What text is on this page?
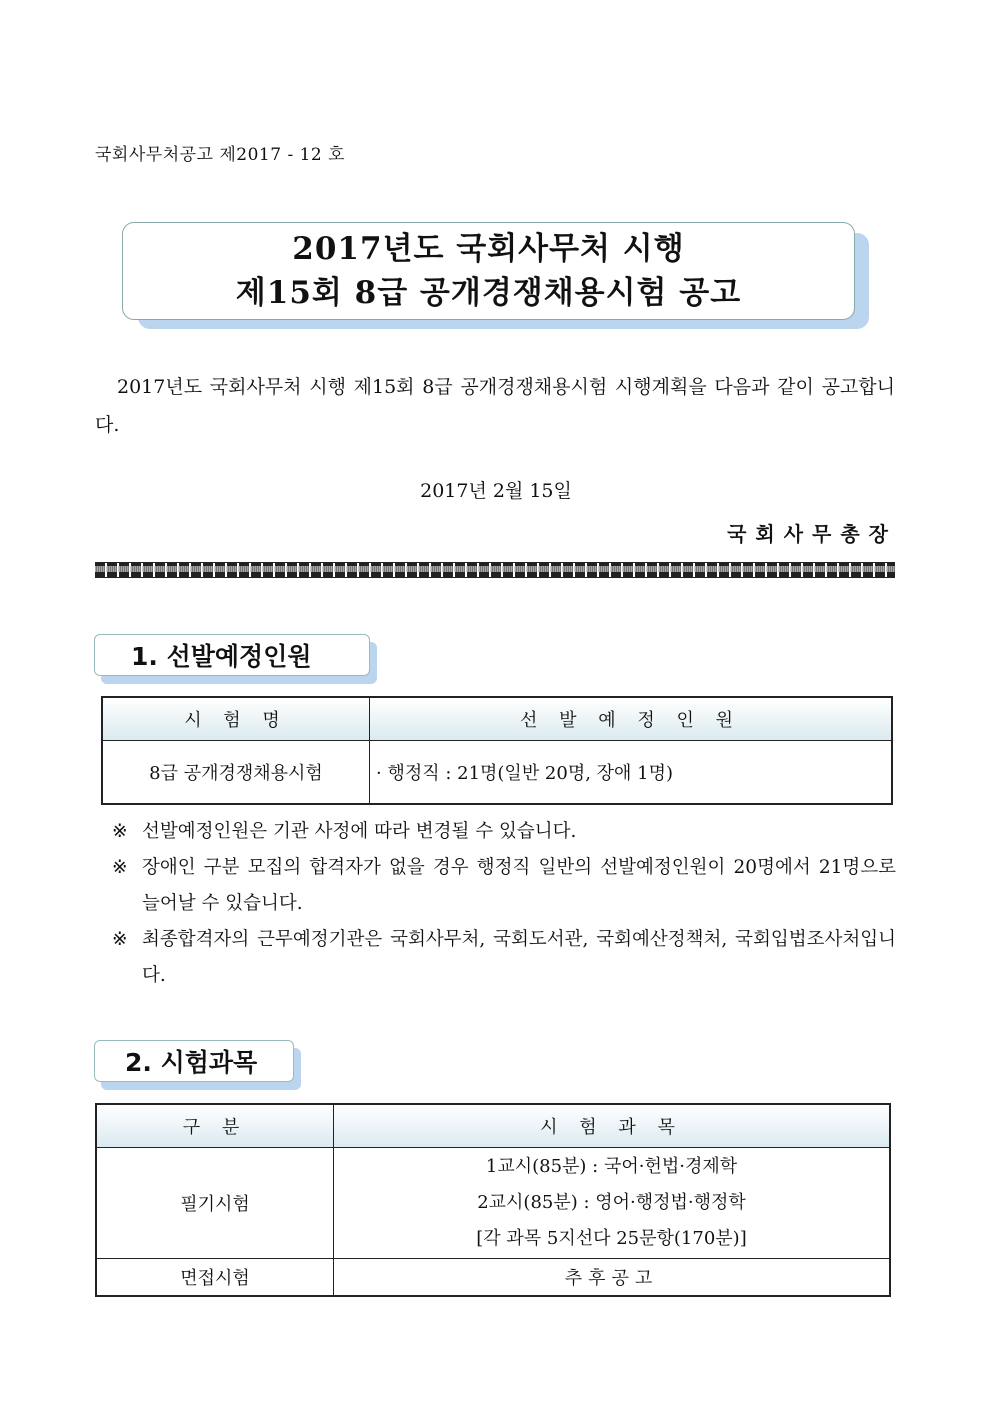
국회사무처공고 제2017 - 12 호
2017년도 국회사무처 시행
제15회 8급 공개경쟁채용시험 공고
2017년도 국회사무처 시행 제15회 8급 공개경쟁채용시험 시행계획을 다음과 같이 공고합니다.
2017년 2월 15일
국회사무총장
1. 선발예정인원
시 험 명	선 발 예 정 인 원
8급 공개경쟁채용시험	· 행정직 : 21명(일반 20명, 장애 1명)
※ 선발예정인원은 기관 사정에 따라 변경될 수 있습니다.
※ 장애인 구분 모집의 합격자가 없을 경우 행정직 일반의 선발예정인원이 20명에서 21명으로 늘어날 수 있습니다.
※ 최종합격자의 근무예정기관은 국회사무처, 국회도서관, 국회예산정책처, 국회입법조사처입니다.
2. 시험과목
구 분	시 험 과 목
필기시험	1교시(85분) : 국어·헌법·경제학
2교시(85분) : 영어·행정법·행정학
[각 과목 5지선다 25문항(170분)]

면접시험	추후공고
